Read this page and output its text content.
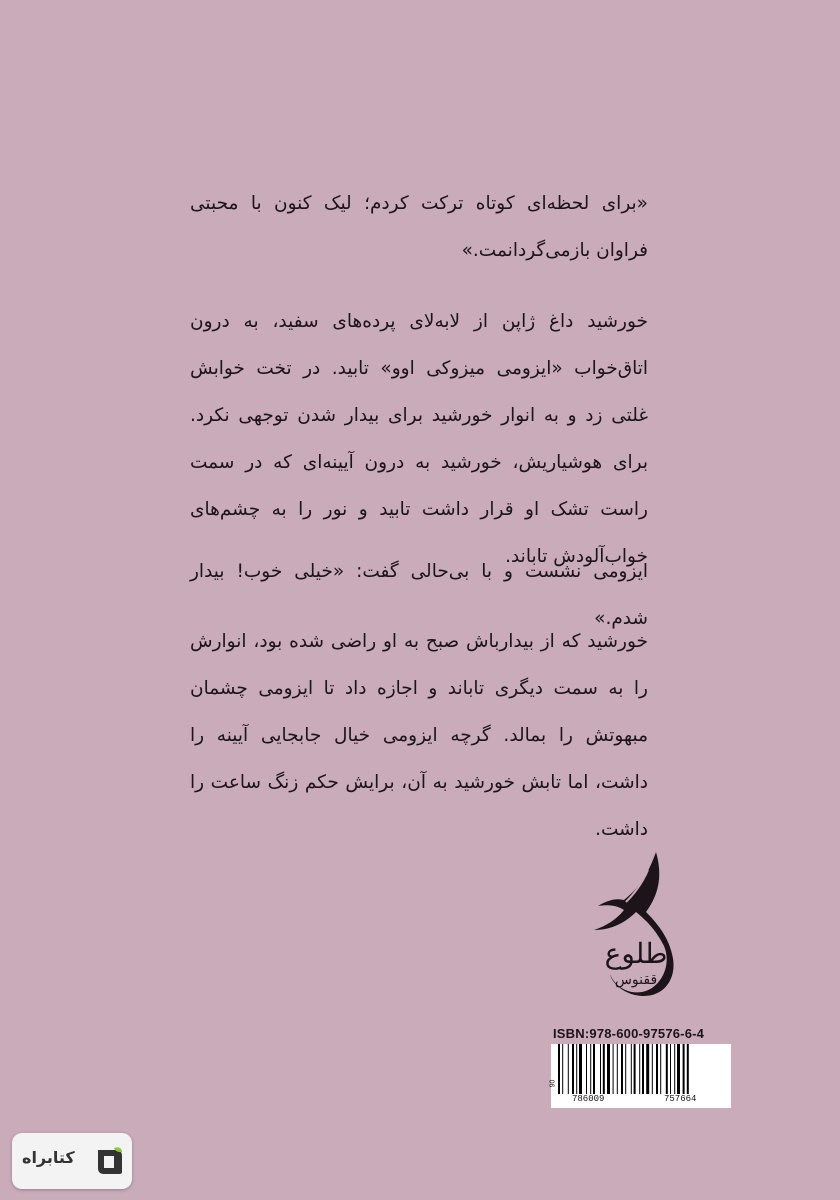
«برای لحظه‌ای کوتاه ترکت کردم؛ لیک کنون با محبتی فراوان بازمی‌گردانمت.»
خورشید داغ ژاپن از لابه‌لای پرده‌های سفید، به درون اتاق‌خواب «ایزومی میزوکی اوو» تابید. در تخت خوابش غلتی زد و به انوار خورشید برای بیدار شدن توجهی نکرد. برای هوشیاریش، خورشید به درون آیینه‌ای که در سمت راست تشک او قرار داشت تابید و نور را به چشم‌های خواب‌آلودش تاباند.
ایزومی نشست و با بی‌حالی گفت: «خیلی خوب! بیدار شدم.»
خورشید که از بیدارباش صبح به او راضی شده بود، انوارش را به سمت دیگری تاباند و اجازه داد تا ایزومی چشمان مبهوتش را بمالد. گرچه ایزومی خیال جابجایی آیینه را داشت، اما تابش خورشید به آن، برایش حکم زنگ ساعت را داشت.
طلوع
ققنوس
ISBN:978-600-97576-6-4
786009	757664
90
کتابراه
